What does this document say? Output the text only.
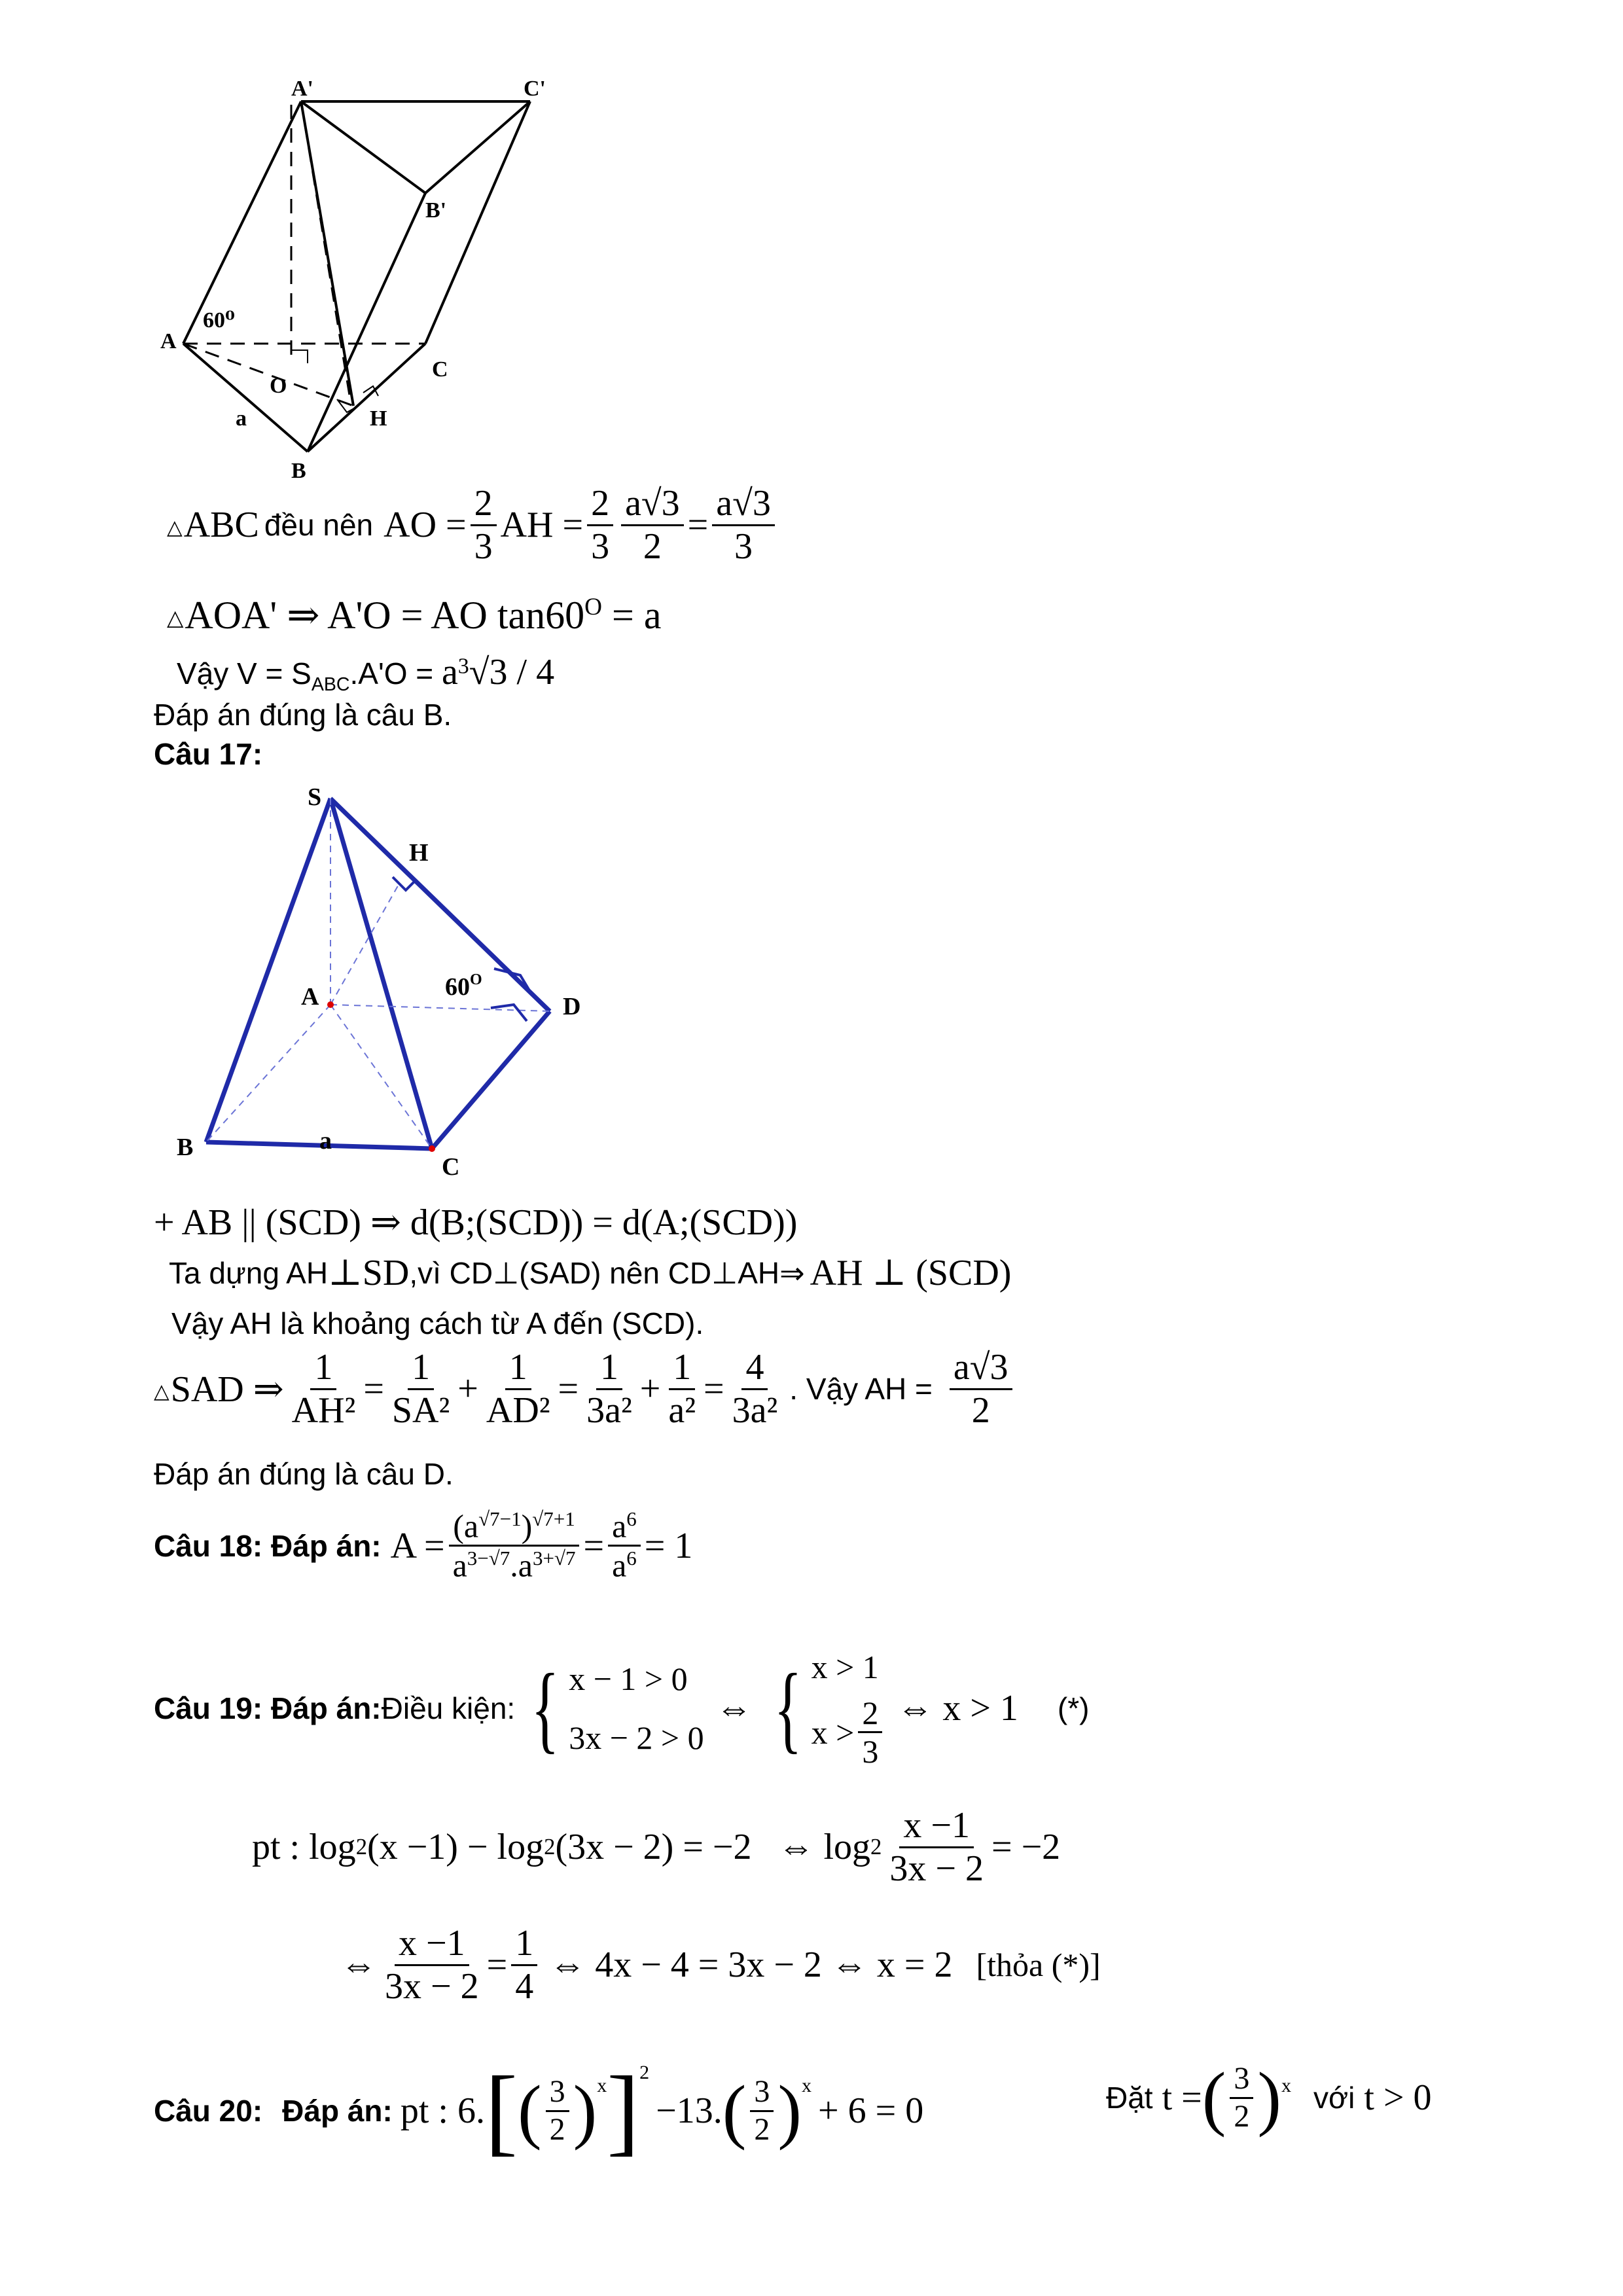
A'	C'
B'
A
60⁰
C
O
H
a
B
△ABC đều nên AO = $\frac{2}{3}$ AH = $\frac{2}{3} \frac{a√3}{2} = \frac{a√3}{3}$
△AOA' ⇒ A'O = AO $\tan 60^O = a$
Vậy $V = S_{ABC}.A'O = a^3√3 / 4$
Đáp án đúng là câu B.
Câu 17:
S
H
A	D
B
C
a
$60^O$
+ AB || (SCD) ⇒ d(B;(SCD)) = d(A;(SCD))
Ta dựng AH ⊥SD ,vì CD⊥(SAD) nên CD ⊥AH⇒ AH ⊥ (SCD)
Vậy AH là khoảng cách từ A đến (SCD).
△SAD ⇒ $\frac{1}{\text{AH²}} = \frac{1}{\text{SA²}} + \frac{1}{\text{AD²}} = \frac{1}{\text{3a²}} + \frac{1}{\text{a²}} = \frac{4}{\text{3a²}}$ . Vậy AH = $\frac{a√3}{2}$
Đáp án đúng là câu D.
Câu 18: Đáp án: $A = \frac{(a^{√7-1})^{√7+1}}{a^{3-√7}.a^{3+√7}} = \frac{a^6}{a^6} = 1$
Câu 19: Đáp án: Điều kiện: { x − 1 > 0
3x − 2 > 0
⇔ { x > 1
$x > \frac{2}{3}$ ⇔ x > 1 (*)
pt : log 2 (x −1) − log 2 (3x − 2) = −2 ⇔ $\log 2 \frac{x -1}{3x - 2} = -2$
⇔ $\frac{x -1}{3x - 2} = \frac{1}{4}$ ⇔ 4x − 4 = 3x − 2 ⇔ x = 2 [thỏa (*)]
Câu 20: Đáp án: pt : 6. [ ( $\frac{3}{2}$ ) x ] 2
−13. ( $\frac{3}{2}$ ) x
+ 6 = 0	Đặt t = ( $\frac{3}{2}$ ) x với t > 0
